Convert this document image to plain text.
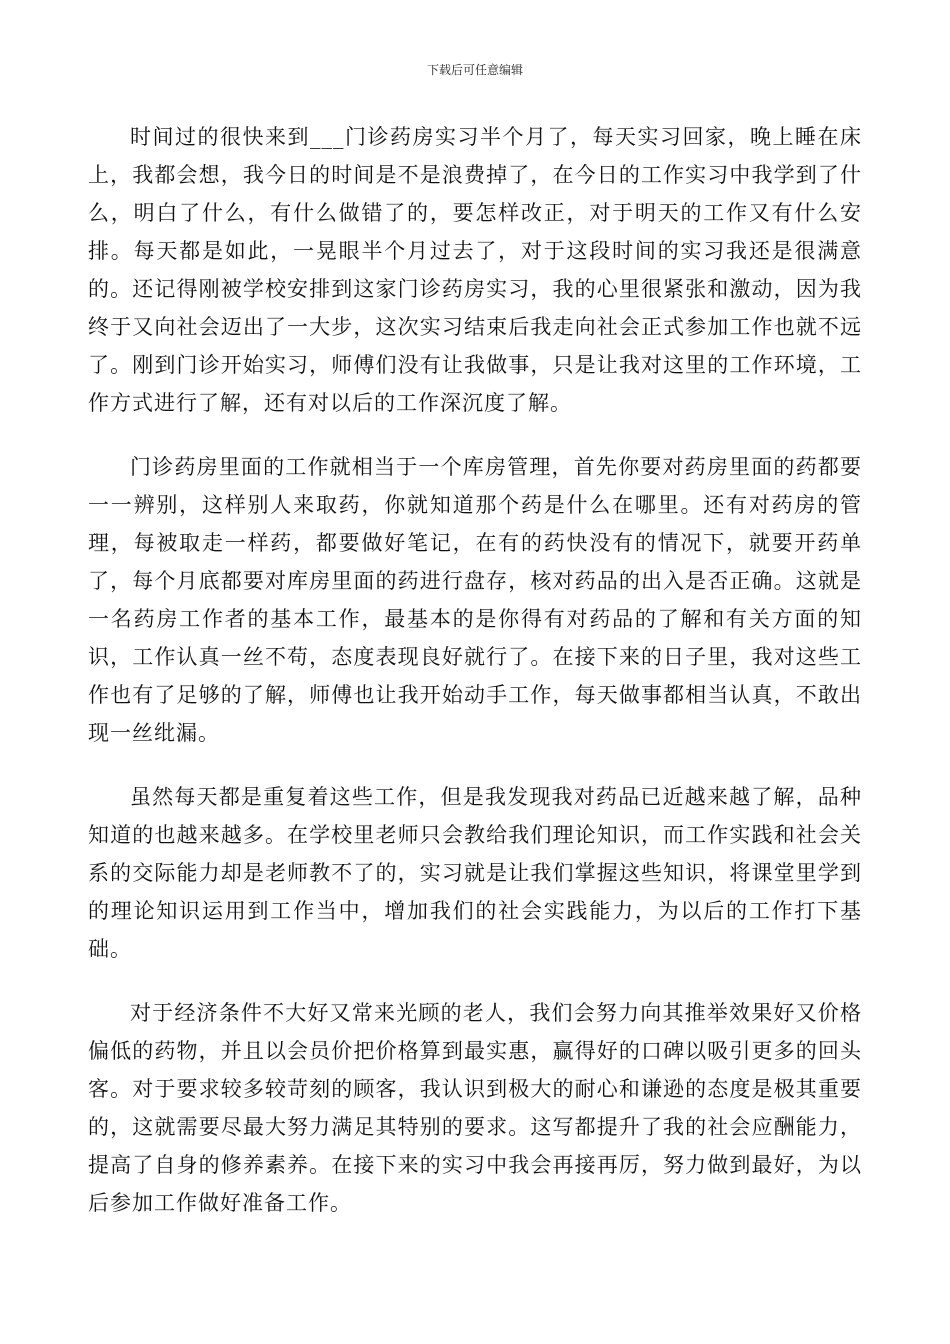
下载后可任意编辑

时间过的很快来到___门诊药房实习半个月了，每天实习回家，晚上睡在床上，我都会想，我今日的时间是不是浪费掉了，在今日的工作实习中我学到了什么，明白了什么，有什么做错了的，要怎样改正，对于明天的工作又有什么安排。每天都是如此，一晃眼半个月过去了，对于这段时间的实习我还是很满意的。还记得刚被学校安排到这家门诊药房实习，我的心里很紧张和激动，因为我终于又向社会迈出了一大步，这次实习结束后我走向社会正式参加工作也就不远了。刚到门诊开始实习，师傅们没有让我做事，只是让我对这里的工作环境，工作方式进行了解，还有对以后的工作深沉度了解。

门诊药房里面的工作就相当于一个库房管理，首先你要对药房里面的药都要一一辨别，这样别人来取药，你就知道那个药是什么在哪里。还有对药房的管理，每被取走一样药，都要做好笔记，在有的药快没有的情况下，就要开药单了，每个月底都要对库房里面的药进行盘存，核对药品的出入是否正确。这就是一名药房工作者的基本工作，最基本的是你得有对药品的了解和有关方面的知识，工作认真一丝不苟，态度表现良好就行了。在接下来的日子里，我对这些工作也有了足够的了解，师傅也让我开始动手工作，每天做事都相当认真，不敢出现一丝纰漏。

虽然每天都是重复着这些工作，但是我发现我对药品已近越来越了解，品种知道的也越来越多。在学校里老师只会教给我们理论知识，而工作实践和社会关系的交际能力却是老师教不了的，实习就是让我们掌握这些知识，将课堂里学到的理论知识运用到工作当中，增加我们的社会实践能力，为以后的工作打下基础。

对于经济条件不大好又常来光顾的老人，我们会努力向其推举效果好又价格偏低的药物，并且以会员价把价格算到最实惠，赢得好的口碑以吸引更多的回头客。对于要求较多较苛刻的顾客，我认识到极大的耐心和谦逊的态度是极其重要的，这就需要尽最大努力满足其特别的要求。这写都提升了我的社会应酬能力，提高了自身的修养素养。在接下来的实习中我会再接再厉，努力做到最好，为以后参加工作做好准备工作。
